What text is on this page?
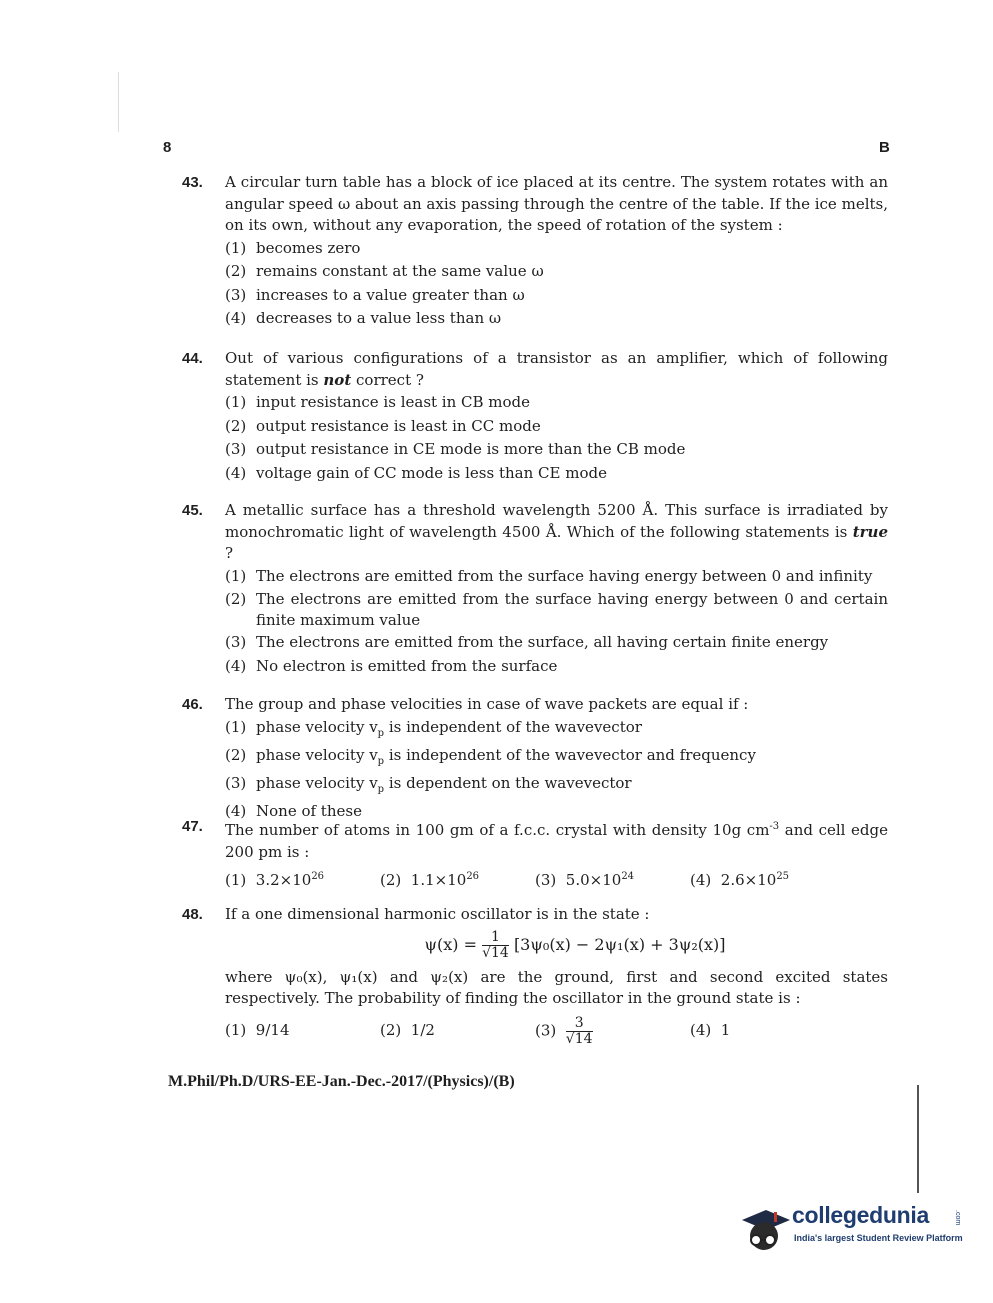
8	B
43. A circular turn table has a block of ice placed at its centre. The system rotates with an angular speed ω about an axis passing through the centre of the table. If the ice melts, on its own, without any evaporation, the speed of rotation of the system :
(1) becomes zero
(2) remains constant at the same value ω
(3) increases to a value greater than ω
(4) decreases to a value less than ω
44. Out of various configurations of a transistor as an amplifier, which of following statement is not correct ?
(1) input resistance is least in CB mode
(2) output resistance is least in CC mode
(3) output resistance in CE mode is more than the CB mode
(4) voltage gain of CC mode is less than CE mode
45. A metallic surface has a threshold wavelength 5200 Å. This surface is irradiated by monochromatic light of wavelength 4500 Å. Which of the following statements is true ?
(1) The electrons are emitted from the surface having energy between 0 and infinity
(2) The electrons are emitted from the surface having energy between 0 and certain finite maximum value
(3) The electrons are emitted from the surface, all having certain finite energy
(4) No electron is emitted from the surface
46. The group and phase velocities in case of wave packets are equal if :
(1) phase velocity $v_p$ is independent of the wavevector
(2) phase velocity $v_p$ is independent of the wavevector and frequency
(3) phase velocity $v_p$ is dependent on the wavevector
(4) None of these
47. The number of atoms in 100 gm of a f.c.c. crystal with density 10g $cm^{-3}$ and cell edge 200 pm is :
(1) $3.2\times 10^{26}$	(2) $1.1\times 10^{26}$	(3) $5.0\times 10^{24}$	(4) $2.6\times 10^{25}$
48. If a one dimensional harmonic oscillator is in the state :
$\psi(x) = \frac{1}{√14} [3\psi_0(x) - 2\psi_1(x) + 3\psi_2(x)]$
where ψ₀(x), ψ₁(x) and ψ₂(x) are the ground, first and second excited states respectively. The probability of finding the oscillator in the ground state is :
(1) 9/14	(2) 1/2	$(3) \frac{3}{√14}$	(4) 1
M.Phil/Ph.D/URS-EE-Jan.-Dec.-2017/(Physics)/(B)
collegedunia	.com
India's largest Student Review Platform
